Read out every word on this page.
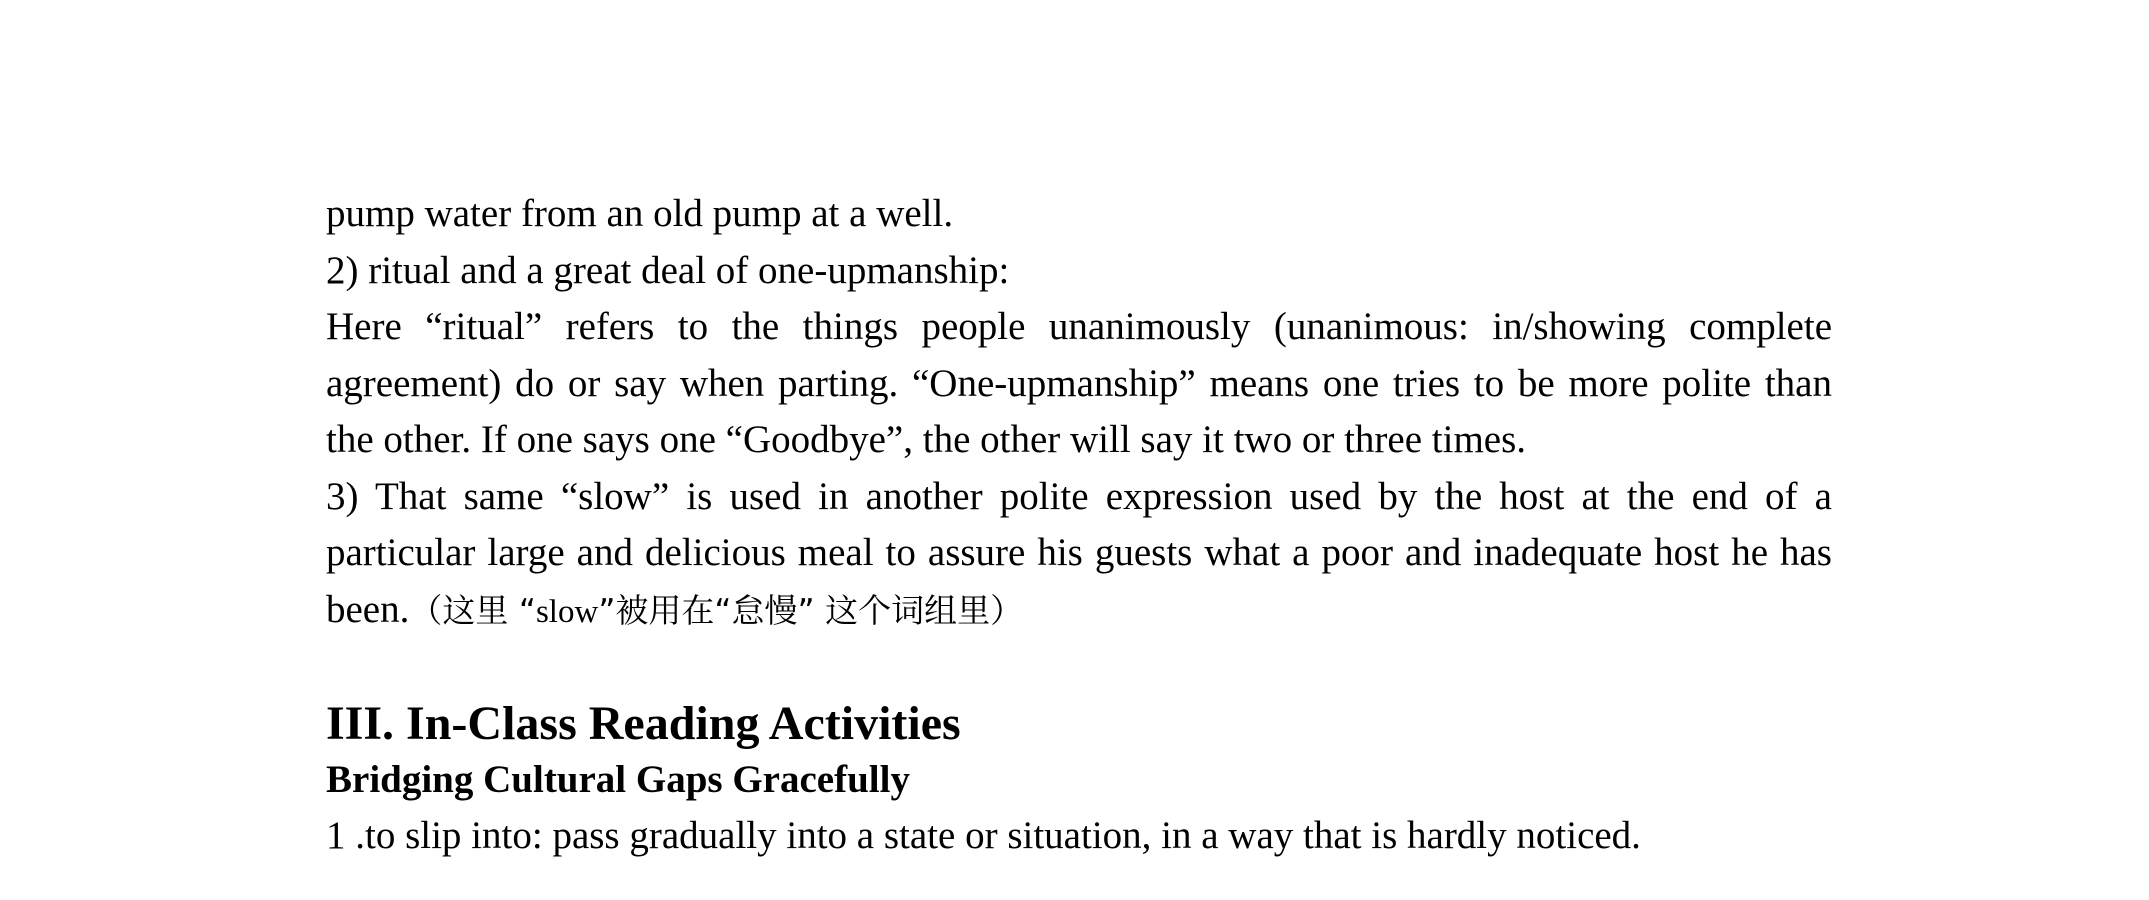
pump water from an old pump at a well.
2) ritual and a great deal of one-upmanship:
Here “ritual” refers to the things people unanimously (unanimous: in/showing complete agreement) do or say when parting. “One-upmanship” means one tries to be more polite than the other. If one says one “Goodbye”, the other will say it two or three times.
3) That same “slow” is used in another polite expression used by the host at the end of a particular large and delicious meal to assure his guests what a poor and inadequate host he has been.（这里 “slow”被用在“怠慢” 这个词组里）
III. In-Class Reading Activities
Bridging Cultural Gaps Gracefully
1 .to slip into: pass gradually into a state or situation, in a way that is hardly noticed.
